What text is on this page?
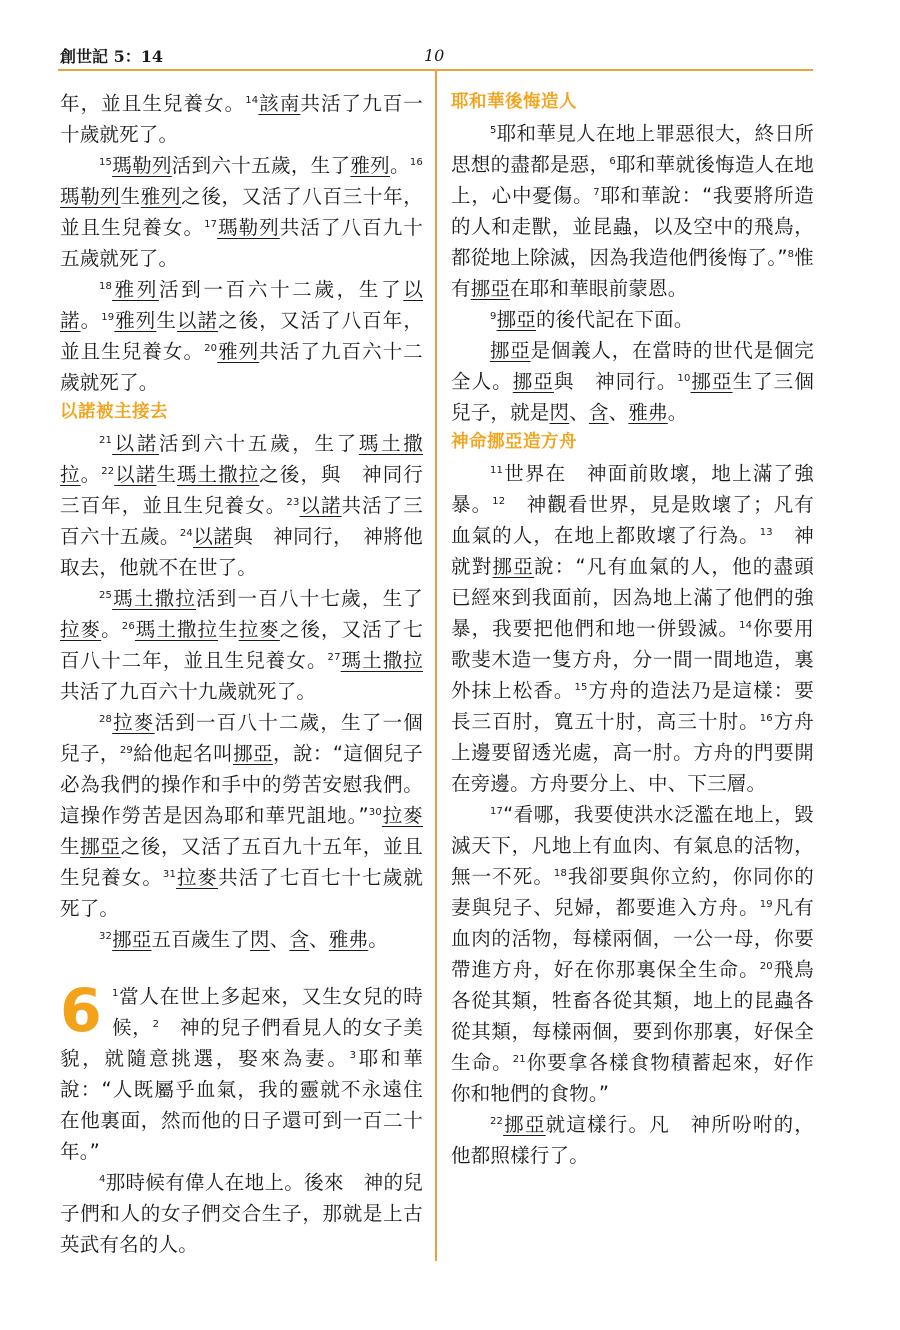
創世記 5：14	10

年，並且生兒養女。$^{14}$該南共活了九百一十歲就死了。

$^{15}$瑪勒列活到六十五歲，生了雅列。$^{16}$瑪勒列生雅列之後，又活了八百三十年，並且生兒養女。$^{17}$瑪勒列共活了八百九十五歲就死了。

$^{18}$雅列活到一百六十二歲，生了以諾。$^{19}$雅列生以諾之後，又活了八百年，並且生兒養女。$^{20}$雅列共活了九百六十二歲就死了。

以諾被主接去

$^{21}$以諾活到六十五歲，生了瑪土撒拉。$^{22}$以諾生瑪土撒拉之後，與　神同行三百年，並且生兒養女。$^{23}$以諾共活了三百六十五歲。$^{24}$以諾與　神同行，　神將他取去，他就不在世了。

$^{25}$瑪土撒拉活到一百八十七歲，生了拉麥。$^{26}$瑪土撒拉生拉麥之後，又活了七百八十二年，並且生兒養女。$^{27}$瑪土撒拉共活了九百六十九歲就死了。

$^{28}$拉麥活到一百八十二歲，生了一個兒子，$^{29}$給他起名叫挪亞，說：“這個兒子必為我們的操作和手中的勞苦安慰我們。這操作勞苦是因為耶和華咒詛地。”$^{30}$拉麥生挪亞之後，又活了五百九十五年，並且生兒養女。$^{31}$拉麥共活了七百七十七歲就死了。

$^{32}$挪亞五百歲生了閃、含、雅弗。

6 $^1$當人在世上多起來，又生女兒的時候，$^2$　神的兒子們看見人的女子美貌，就隨意挑選，娶來為妻。$^3$耶和華說：“人既屬乎血氣，我的靈就不永遠住在他裏面，然而他的日子還可到一百二十年。”

$^4$那時候有偉人在地上。後來　神的兒子們和人的女子們交合生子，那就是上古英武有名的人。

耶和華後悔造人

$^5$耶和華見人在地上罪惡很大，終日所思想的盡都是惡，$^6$耶和華就後悔造人在地上，心中憂傷。$^7$耶和華說：“我要將所造的人和走獸，並昆蟲，以及空中的飛鳥，都從地上除滅，因為我造他們後悔了。”$^8$惟有挪亞在耶和華眼前蒙恩。

$^9$挪亞的後代記在下面。

挪亞是個義人，在當時的世代是個完全人。挪亞與　神同行。$^{10}$挪亞生了三個兒子，就是閃、含、雅弗。

神命挪亞造方舟

$^{11}$世界在　神面前敗壞，地上滿了強暴。$^{12}$　神觀看世界，見是敗壞了；凡有血氣的人，在地上都敗壞了行為。$^{13}$　神就對挪亞說：“凡有血氣的人，他的盡頭已經來到我面前，因為地上滿了他們的強暴，我要把他們和地一併毀滅。$^{14}$你要用歌斐木造一隻方舟，分一間一間地造，裏外抹上松香。$^{15}$方舟的造法乃是這樣：要長三百肘，寬五十肘，高三十肘。$^{16}$方舟上邊要留透光處，高一肘。方舟的門要開在旁邊。方舟要分上、中、下三層。

$^{17}$“看哪，我要使洪水泛濫在地上，毀滅天下，凡地上有血肉、有氣息的活物，無一不死。$^{18}$我卻要與你立約，你同你的妻與兒子、兒婦，都要進入方舟。$^{19}$凡有血肉的活物，每樣兩個，一公一母，你要帶進方舟，好在你那裏保全生命。$^{20}$飛鳥各從其類，牲畜各從其類，地上的昆蟲各從其類，每樣兩個，要到你那裏，好保全生命。$^{21}$你要拿各樣食物積蓄起來，好作你和牠們的食物。”

$^{22}$挪亞就這樣行。凡　神所吩咐的，他都照樣行了。
